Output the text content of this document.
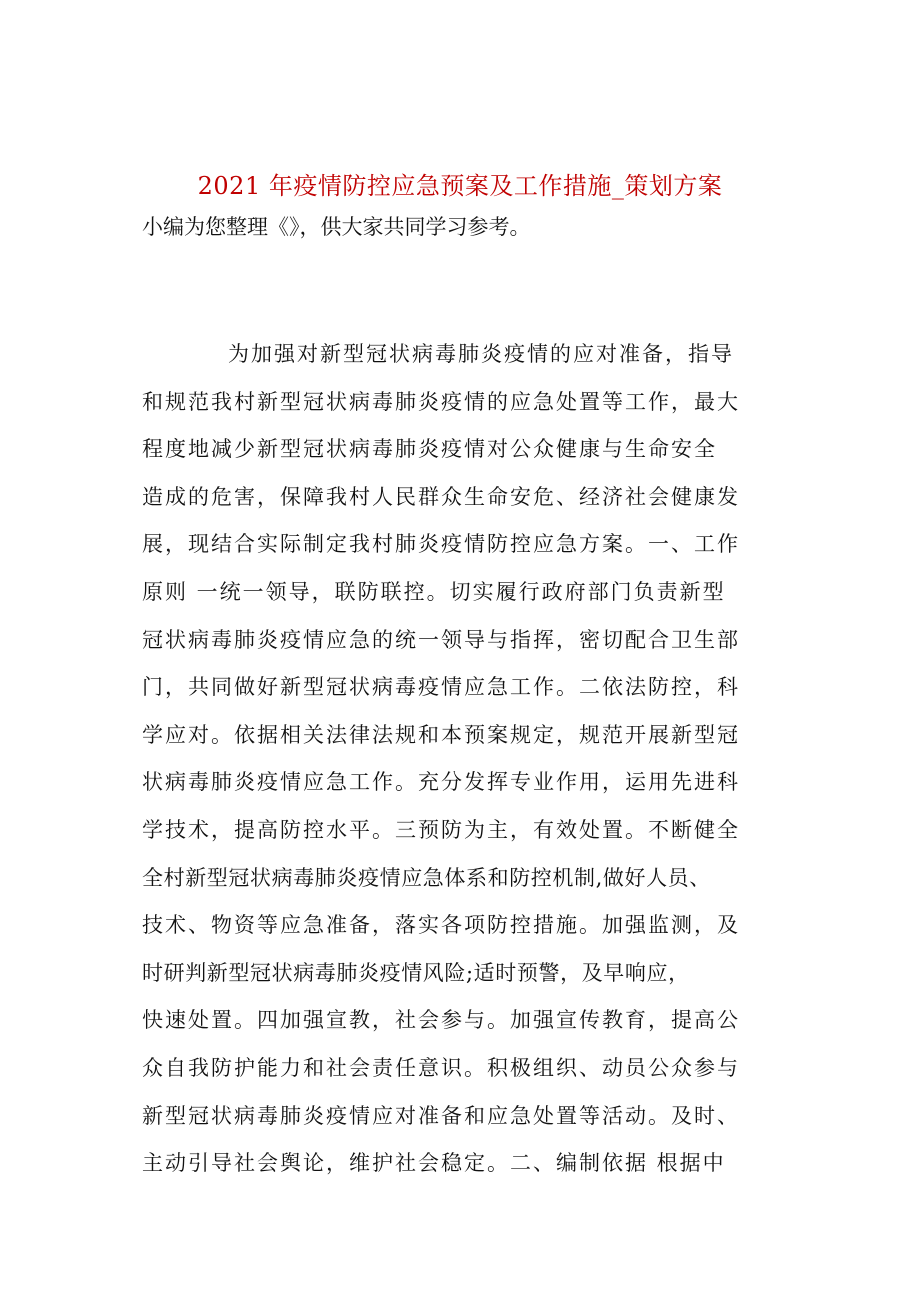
2021 年疫情防控应急预案及工作措施_策划方案
小编为您整理《》，供大家共同学习参考。
为加强对新型冠状病毒肺炎疫情的应对准备，指导
和规范我村新型冠状病毒肺炎疫情的应急处置等工作，最大
程度地减少新型冠状病毒肺炎疫情对公众健康与生命安全
造成的危害，保障我村人民群众生命安危、经济社会健康发
展，现结合实际制定我村肺炎疫情防控应急方案。一、工作
原则 一统一领导，联防联控。切实履行政府部门负责新型
冠状病毒肺炎疫情应急的统一领导与指挥，密切配合卫生部
门，共同做好新型冠状病毒疫情应急工作。二依法防控，科
学应对。依据相关法律法规和本预案规定，规范开展新型冠
状病毒肺炎疫情应急工作。充分发挥专业作用，运用先进科
学技术，提高防控水平。三预防为主，有效处置。不断健全
全村新型冠状病毒肺炎疫情应急体系和防控机制,做好人员、
技术、物资等应急准备，落实各项防控措施。加强监测，及
时研判新型冠状病毒肺炎疫情风险;适时预警，及早响应，
快速处置。四加强宣教，社会参与。加强宣传教育，提高公
众自我防护能力和社会责任意识。积极组织、动员公众参与
新型冠状病毒肺炎疫情应对准备和应急处置等活动。及时、
主动引导社会舆论，维护社会稳定。二、编制依据 根据中
